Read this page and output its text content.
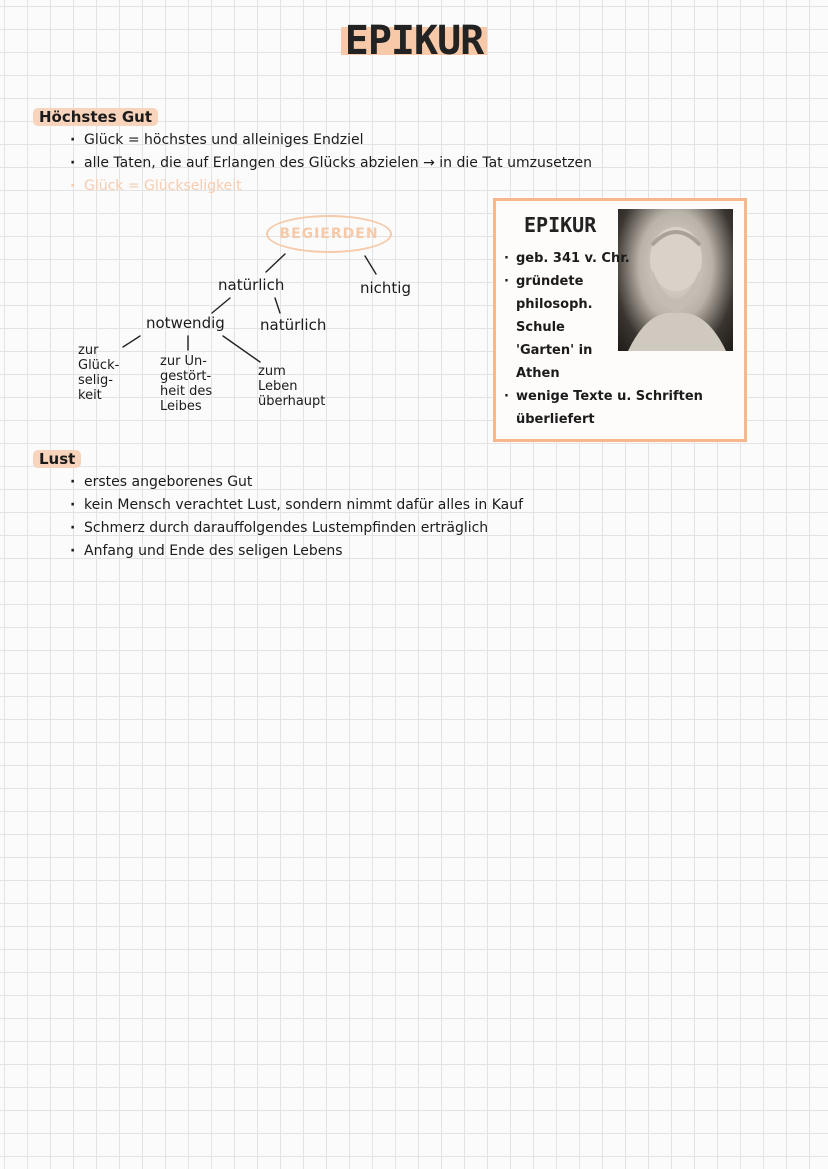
EPIKUR
Höchstes Gut
· Glück = höchstes und alleiniges Endziel
· alle Taten, die auf Erlangen des Glücks abzielen → in die Tat umzusetzen
· Glück = Glückseligkeit
BEGIERDEN
natürlich	nichtig
notwendig natürlich
zur
Glück-
selig-
keit
zur Un-
gestört-
heit des
Leibes
zum
Leben
überhaupt
EPIKUR
· geb. 341 v. Chr.
· gründete
philosoph.
Schule
'Garten' in
Athen
· wenige Texte u. Schriften
überliefert
Lust
· erstes angeborenes Gut
· kein Mensch verachtet Lust, sondern nimmt dafür alles in Kauf
· Schmerz durch darauffolgendes Lustempfinden erträglich
· Anfang und Ende des seligen Lebens
